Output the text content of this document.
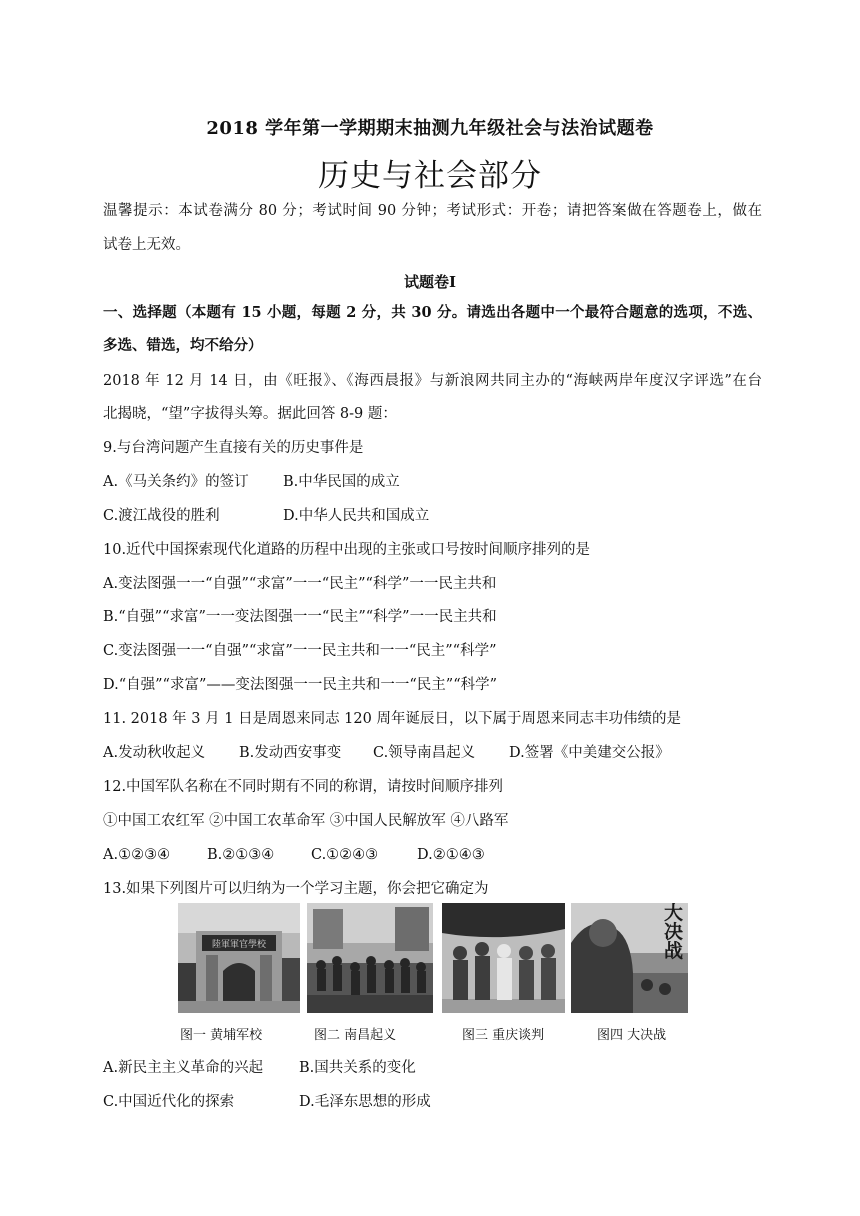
2018 学年第一学期期末抽测九年级社会与法治试题卷
历史与社会部分
温馨提示：本试卷满分 80 分；考试时间 90 分钟；考试形式：开卷；请把答案做在答题卷上，做在
试卷上无效。
试题卷Ⅰ
一、选择题（本题有 15 小题，每题 2 分，共 30 分。请选出各题中一个最符合题意的选项，不选、
多选、错选，均不给分）
2018 年 12 月 14 日，由《旺报》、《海西晨报》与新浪网共同主办的“海峡两岸年度汉字评选”在台
北揭晓，“望”字拔得头筹。据此回答 8-9 题：
9.与台湾问题产生直接有关的历史事件是
A.《马关条约》的签订 B.中华民国的成立
C.渡江战役的胜利	D.中华人民共和国成立
10.近代中国探索现代化道路的历程中出现的主张或口号按时间顺序排列的是
A.变法图强一一“自强”“求富”一一“民主”“科学”一一民主共和
B.“自强”“求富”一一变法图强一一“民主”“科学”一一民主共和
C.变法图强一一“自强”“求富”一一民主共和一一“民主”“科学”
D.“自强”“求富”——变法图强一一民主共和一一“民主”“科学”
11. 2018 年 3 月 1 日是周恩来同志 120 周年诞辰日，以下属于周恩来同志丰功伟绩的是
A.发动秋收起义 B.发动西安事变 C.领导南昌起义 D.签署《中美建交公报》
12.中国军队名称在不同时期有不同的称谓，请按时间顺序排列
①中国工农红军 ②中国工农革命军 ③中国人民解放军 ④八路军
A.①②③④	B.②①③④	C.①②④③	D.②①④③
13.如果下列图片可以归纳为一个学习主题，你会把它确定为
陸軍軍官學校	大决战
图一 黄埔军校	图二 南昌起义	图三 重庆谈判	图四 大决战
A.新民主主义革命的兴起 B.国共关系的变化
C.中国近代化的探索	D.毛泽东思想的形成
